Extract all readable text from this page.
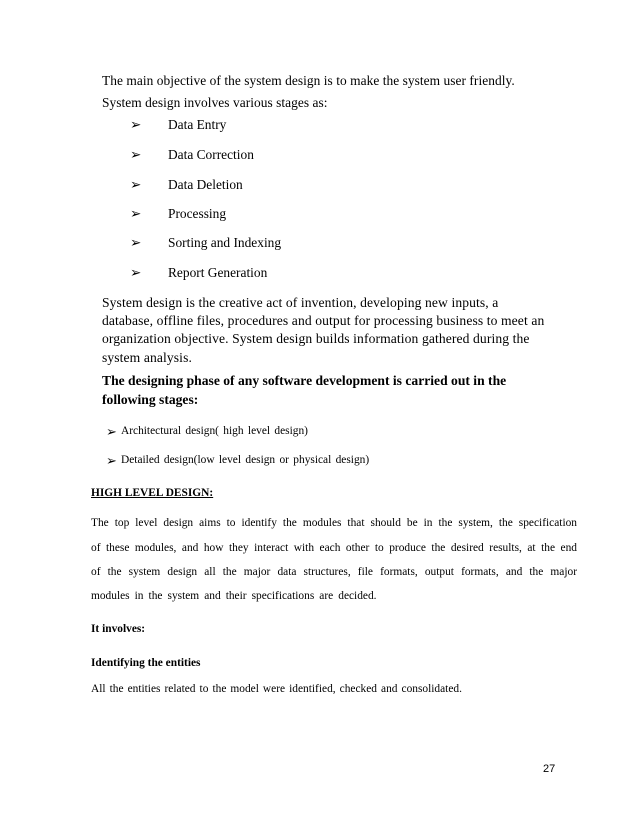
The main objective of the system design is to make the system user friendly.

System design involves various stages as:

➢ Data Entry
➢ Data Correction
➢ Data Deletion
➢ Processing
➢ Sorting and Indexing
➢ Report Generation

System design is the creative act of invention, developing new inputs, a

database, offline files, procedures and output for processing business to meet an

organization objective. System design builds information gathered during the

system analysis.

The designing phase of any software development is carried out in the

following stages:

➢ Architectural design( high level design)
➢ Detailed design(low level design or physical design)

HIGH LEVEL DESIGN:

The top level design aims to identify the modules that should be in the system, the specification

of these modules, and how they interact with each other to produce the desired results, at the end

of the system design all the major data structures, file formats, output formats, and the major

modules in the system and their specifications are decided.

It involves:

Identifying the entities

All the entities related to the model were identified, checked and consolidated.

27
